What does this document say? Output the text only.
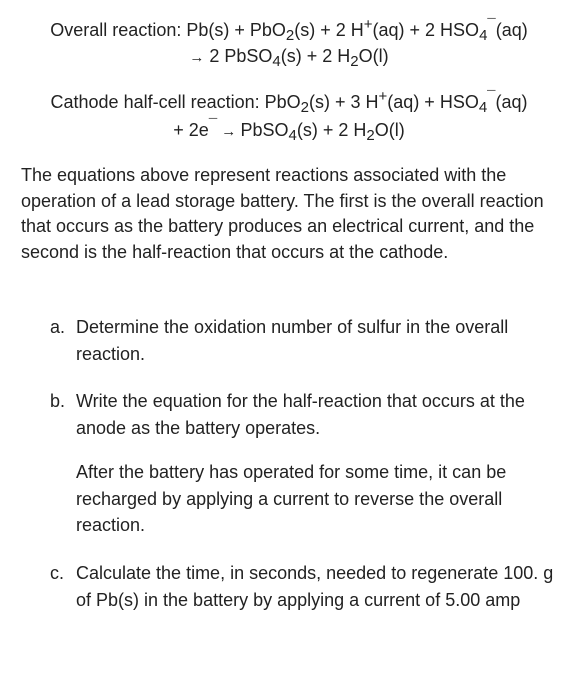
Overall reaction: Pb(s) + PbO$_2$(s) + 2 H+(aq) + 2 $HSO_4^¯(aq)$
→ 2 PbSO$_4$(s) + 2 $H_2O(l)$
Cathode half-cell reaction: PbO$_2$(s) + 3 $H^+(aq) + HSO_4^¯(aq)$
+ 2e¯ → PbSO$_4$(s) + 2 $H_2O(l)$

The equations above represent reactions associated with the operation of a lead storage battery. The first is the overall reaction that occurs as the battery produces an electrical current, and the second is the half-reaction that occurs at the cathode.

a. Determine the oxidation number of sulfur in the overall reaction.
b. Write the equation for the half-reaction that occurs at the anode as the battery operates.

After the battery has operated for some time, it can be recharged by applying a current to reverse the overall reaction.

c. Calculate the time, in seconds, needed to regenerate 100. g of Pb(s) in the battery by applying a current of 5.00 amp
